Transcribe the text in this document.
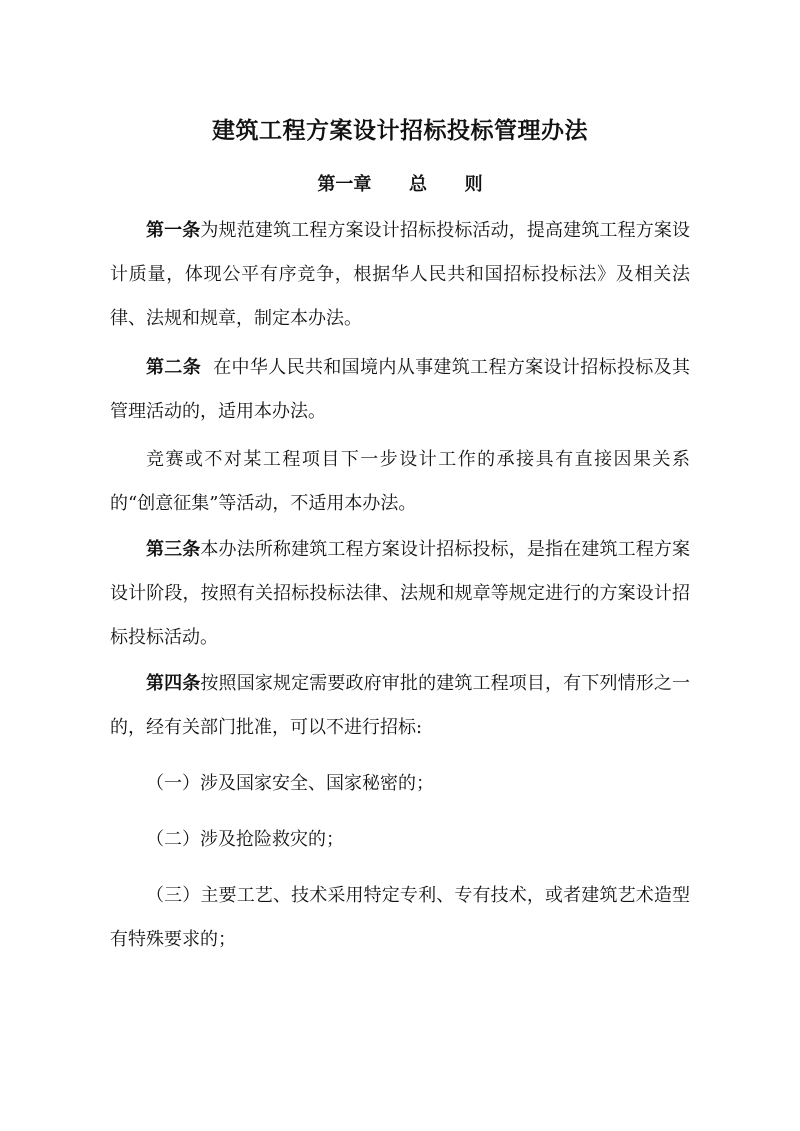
建筑工程方案设计招标投标管理办法
第一章      总      则

第一条为规范建筑工程方案设计招标投标活动，提高建筑工程方案设计质量，体现公平有序竞争，根据华人民共和国招标投标法》及相关法律、法规和规章，制定本办法。

第二条  在中华人民共和国境内从事建筑工程方案设计招标投标及其管理活动的，适用本办法。

竞赛或不对某工程项目下一步设计工作的承接具有直接因果关系的“创意征集”等活动，不适用本办法。

第三条本办法所称建筑工程方案设计招标投标，是指在建筑工程方案设计阶段，按照有关招标投标法律、法规和规章等规定进行的方案设计招标投标活动。

第四条按照国家规定需要政府审批的建筑工程项目，有下列情形之一的，经有关部门批准，可以不进行招标:

（一）涉及国家安全、国家秘密的；

（二）涉及抢险救灾的；

（三）主要工艺、技术采用特定专利、专有技术，或者建筑艺术造型有特殊要求的；
